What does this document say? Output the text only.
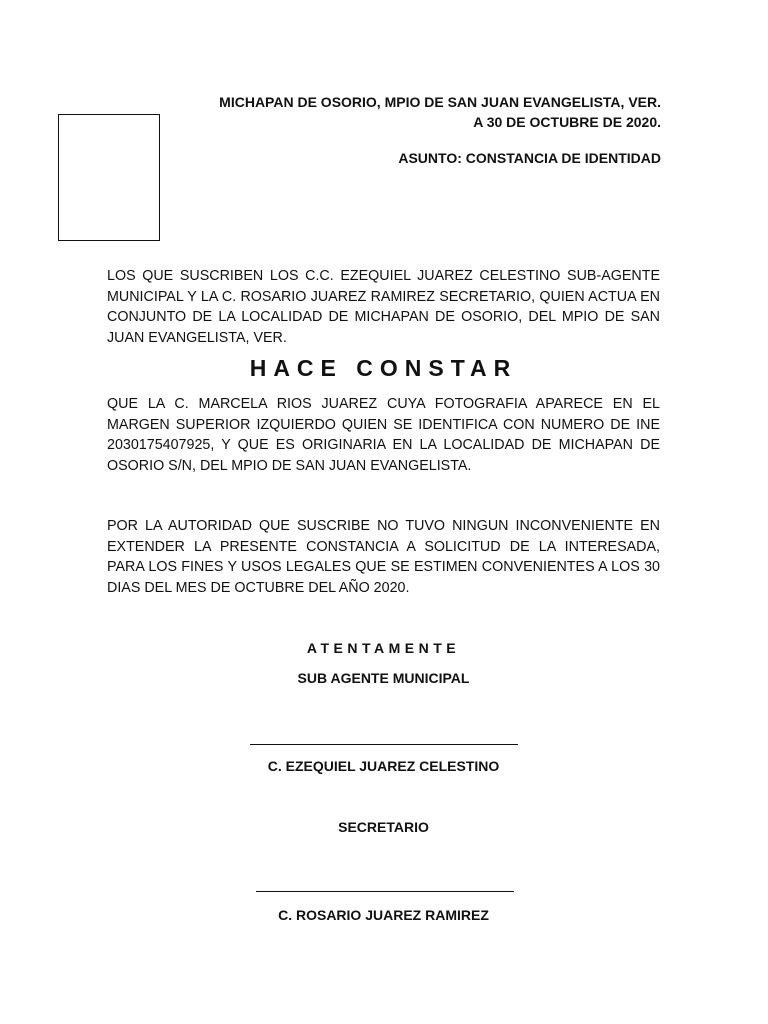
MICHAPAN DE OSORIO, MPIO DE SAN JUAN EVANGELISTA, VER.
A 30 DE OCTUBRE DE 2020.
ASUNTO: CONSTANCIA DE IDENTIDAD
LOS QUE SUSCRIBEN LOS C.C. EZEQUIEL JUAREZ CELESTINO SUB-AGENTE MUNICIPAL Y LA C. ROSARIO JUAREZ RAMIREZ SECRETARIO, QUIEN ACTUA EN CONJUNTO DE LA LOCALIDAD DE MICHAPAN DE OSORIO, DEL MPIO DE SAN JUAN EVANGELISTA, VER.
HACE CONSTAR
QUE LA C. MARCELA RIOS JUAREZ CUYA FOTOGRAFIA APARECE EN EL MARGEN SUPERIOR IZQUIERDO QUIEN SE IDENTIFICA CON NUMERO DE INE 2030175407925, Y QUE ES ORIGINARIA EN LA LOCALIDAD DE MICHAPAN DE OSORIO S/N, DEL MPIO DE SAN JUAN EVANGELISTA.
POR LA AUTORIDAD QUE SUSCRIBE NO TUVO NINGUN INCONVENIENTE EN EXTENDER LA PRESENTE CONSTANCIA A SOLICITUD DE LA INTERESADA, PARA LOS FINES Y USOS LEGALES QUE SE ESTIMEN CONVENIENTES A LOS 30 DIAS DEL MES DE OCTUBRE DEL AÑO 2020.
ATENTAMENTE
SUB AGENTE MUNICIPAL
C. EZEQUIEL JUAREZ CELESTINO
SECRETARIO
C. ROSARIO JUAREZ RAMIREZ
